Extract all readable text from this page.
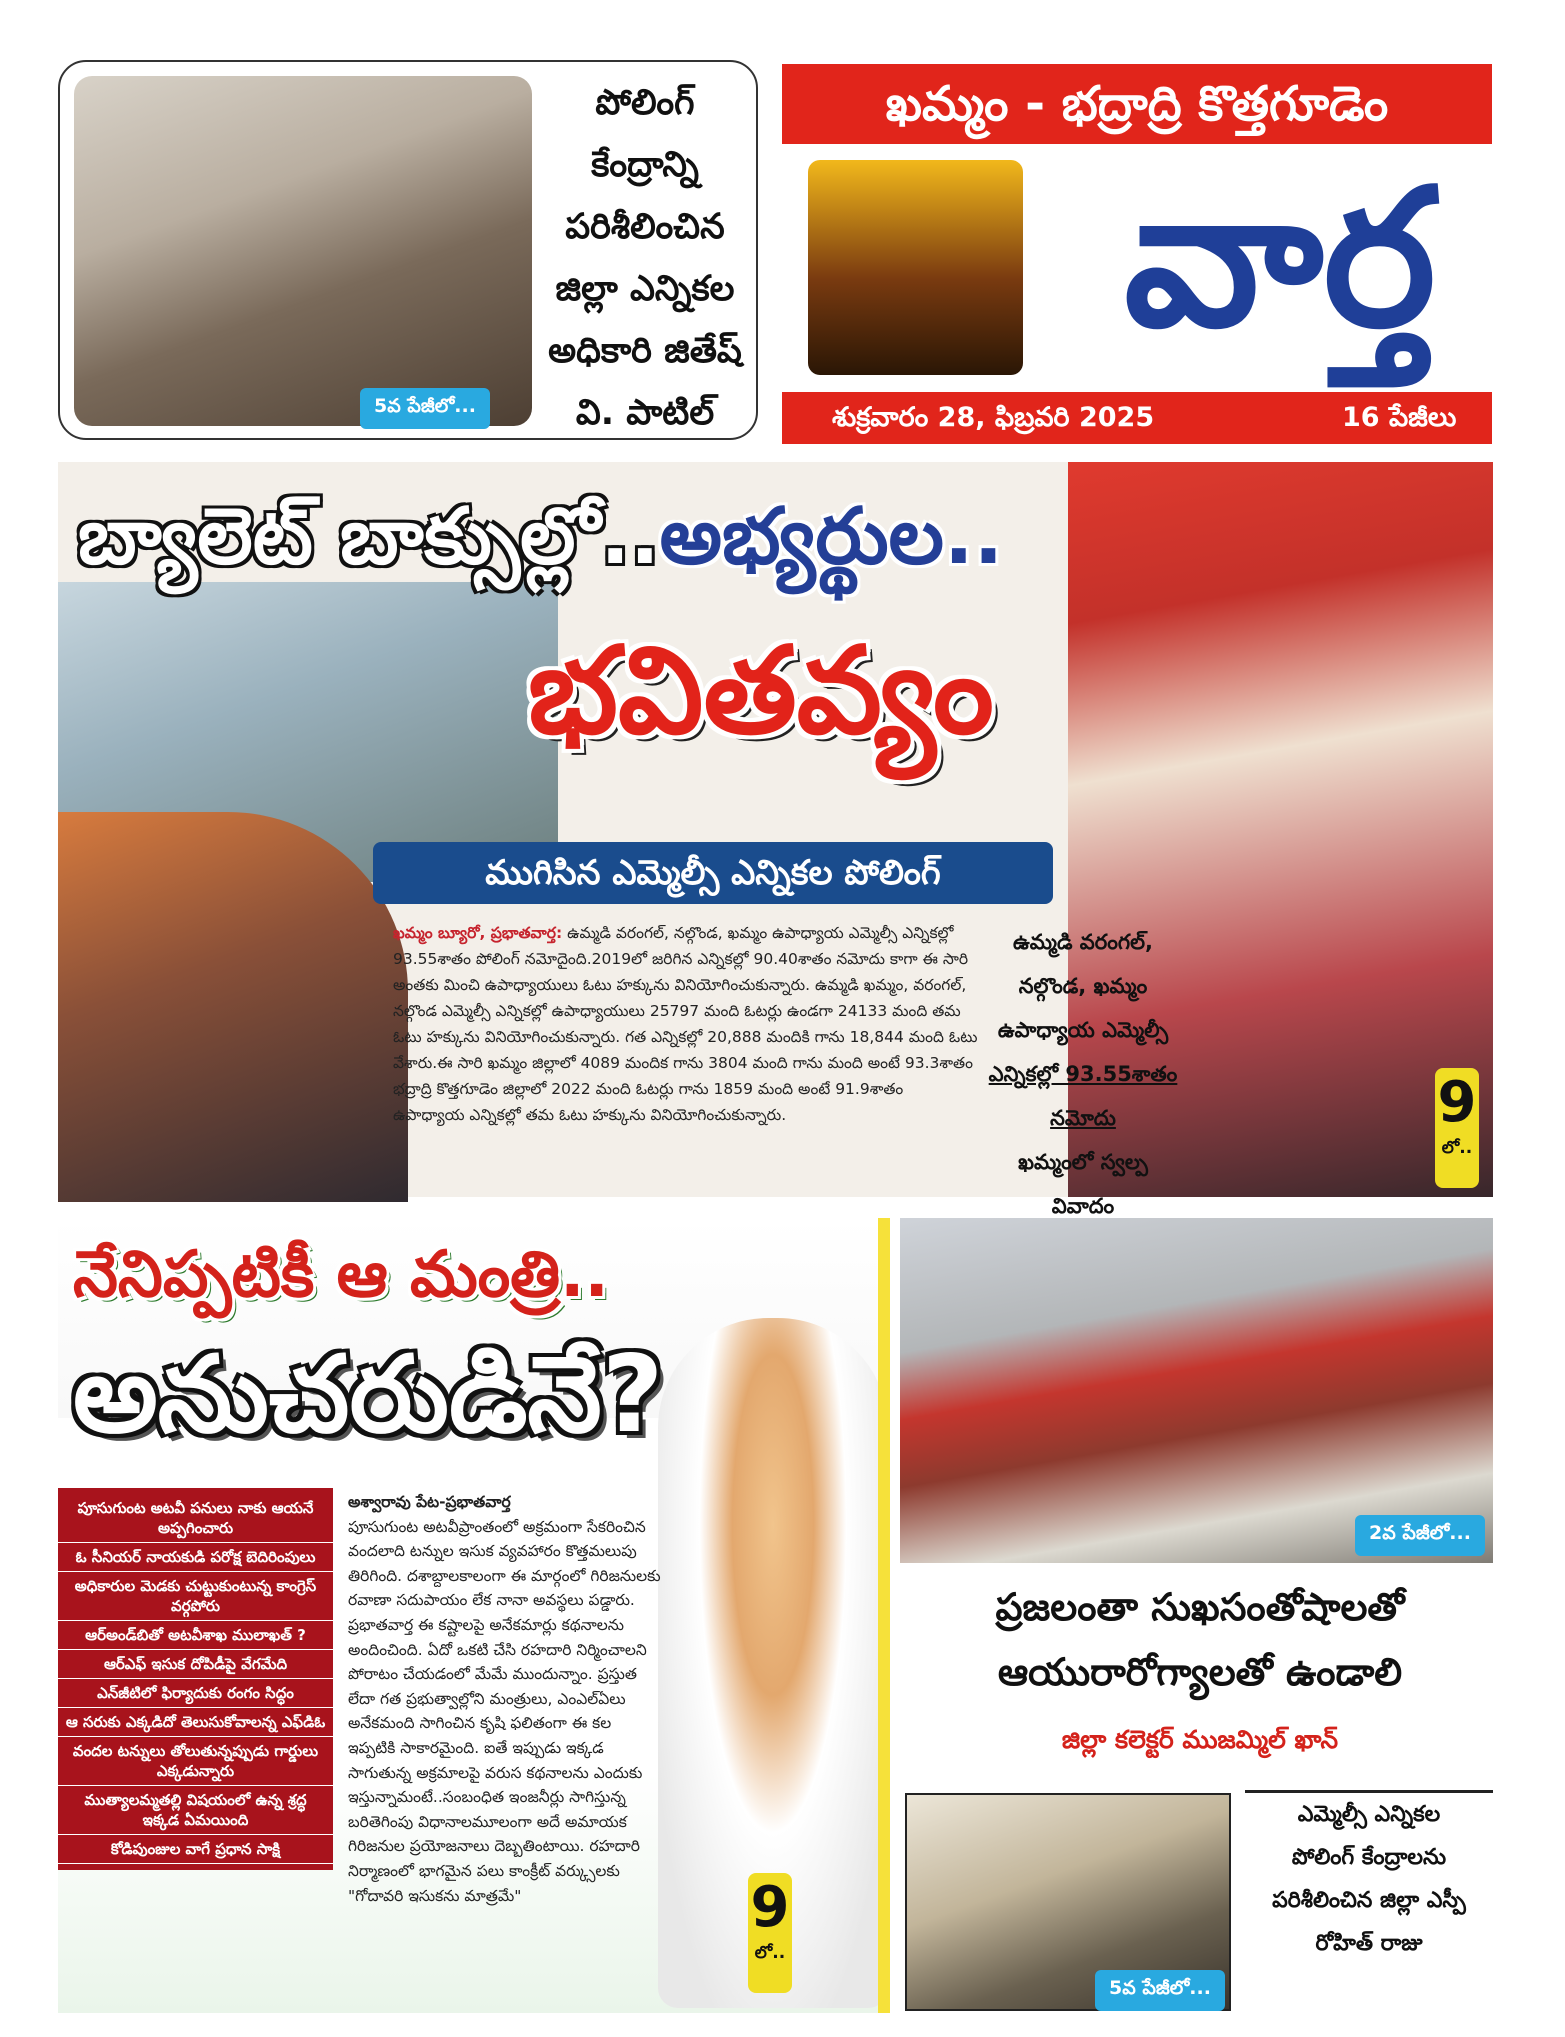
5వ పేజీలో...
పోలింగ్
కేంద్రాన్ని
పరిశీలించిన
జిల్లా ఎన్నికల
అధికారి జితేష్
వి. పాటిల్
ఖమ్మం - భద్రాద్రి కొత్తగూడెం
వార్త
శుక్రవారం 28, ఫిబ్రవరి 2025	16 పేజీలు
బ్యాలెట్ బాక్సుల్లో..అభ్యర్థుల..
భవితవ్యం
ముగిసిన ఎమ్మెల్సీ ఎన్నికల పోలింగ్
ఖమ్మం బ్యూరో, ప్రభాతవార్త: ఉమ్మడి వరంగల్, నల్గొండ, ఖమ్మం ఉపాధ్యాయ ఎమ్మెల్సీ ఎన్నికల్లో 93.55శాతం పోలింగ్ నమోదైంది.2019లో జరిగిన ఎన్నికల్లో 90.40శాతం నమోదు కాగా ఈ సారి అంతకు మించి ఉపాధ్యాయులు ఓటు హక్కును వినియోగించుకున్నారు. ఉమ్మడి ఖమ్మం, వరంగల్, నల్గొండ ఎమ్మెల్సీ ఎన్నికల్లో ఉపాధ్యాయులు 25797 మంది ఓటర్లు ఉండగా 24133 మంది తమ ఓటు హక్కును వినియోగించుకున్నారు. గత ఎన్నికల్లో 20,888 మందికి గాను 18,844 మంది ఓటు వేశారు.ఈ సారి ఖమ్మం జిల్లాలో 4089 మందిక గాను 3804 మంది గాను మంది అంటే 93.3శాతం భద్రాద్రి కొత్తగూడెం జిల్లాలో 2022 మంది ఓటర్లు గాను 1859 మంది అంటే 91.9శాతం ఉపాధ్యాయ ఎన్నికల్లో తమ ఓటు హక్కును వినియోగించుకున్నారు.
ఉమ్మడి వరంగల్,
నల్గొండ, ఖమ్మం
ఉపాధ్యాయ ఎమ్మెల్సీ
ఎన్నికల్లో 93.55శాతం
నమోదు
ఖమ్మంలో స్వల్ప వివాదం
9
లో..
నేనిప్పటికీ ఆ మంత్రి..
అనుచరుడినే?
పూసుగుంట అటవీ పనులు నాకు ఆయనే అప్పగించారు
ఓ సీనియర్ నాయకుడి పరోక్ష బెదిరింపులు
అధికారుల మెడకు చుట్టుకుంటున్న కాంగ్రెస్ వర్గపోరు
ఆర్అండ్‌బితో అటవీశాఖ ములాఖత్ ?
ఆర్ఎఫ్ ఇసుక దోపిడీపై వేగమేది
ఎన్‌జీటిలో ఫిర్యాదుకు రంగం సిద్ధం
ఆ సరుకు ఎక్కడిదో తెలుసుకోవాలన్న ఎఫ్‌డిఓ
వందల టన్నులు తోలుతున్నప్పుడు గార్డులు ఎక్కడున్నారు
ముత్యాలమ్మతల్లి విషయంలో ఉన్న శ్రద్ధ ఇక్కడ ఏమయింది
కోడిపుంజుల వాగే ప్రధాన సాక్షి
అశ్వారావు పేట-ప్రభాతవార్త
పూసుగుంట అటవీప్రాంతంలో అక్రమంగా సేకరించిన వందలాది టన్నుల ఇసుక వ్యవహారం కొత్తమలుపు తిరిగింది. దశాబ్దాలకాలంగా ఈ మార్గంలో గిరిజనులకు రవాణా సదుపాయం లేక నానా అవస్థలు పడ్డారు. ప్రభాతవార్త ఈ కష్టాలపై అనేకమార్లు కథనాలను అందించింది. ఏదో ఒకటి చేసి రహదారి నిర్మించాలని పోరాటం చేయడంలో మేమే ముందున్నాం. ప్రస్తుత లేదా గత ప్రభుత్వాల్లోని మంత్రులు, ఎంఎల్ఏలు అనేకమంది సాగించిన కృషి ఫలితంగా ఈ కల ఇప్పటికి సాకారమైంది. ఐతే ఇప్పుడు ఇక్కడ సాగుతున్న అక్రమాలపై వరుస కథనాలను ఎందుకు ఇస్తున్నామంటే..సంబంధిత ఇంజనీర్లు సాగిస్తున్న బరితెగింపు విధానాలమూలంగా అదే అమాయక గిరిజనుల ప్రయోజనాలు దెబ్బతింటాయి. రహదారి నిర్మాణంలో భాగమైన పలు కాంక్రీట్ వర్క్సులకు "గోదావరి ఇసుకను మాత్రమే"	9
లో..
2వ పేజీలో...
ప్రజలంతా సుఖసంతోషాలతో
ఆయురారోగ్యాలతో ఉండాలి
జిల్లా కలెక్టర్ ముజమ్మిల్ ఖాన్
5వ పేజీలో...
ఎమ్మెల్సీ ఎన్నికల
పోలింగ్ కేంద్రాలను
పరిశీలించిన జిల్లా ఎస్పీ
రోహిత్ రాజు
